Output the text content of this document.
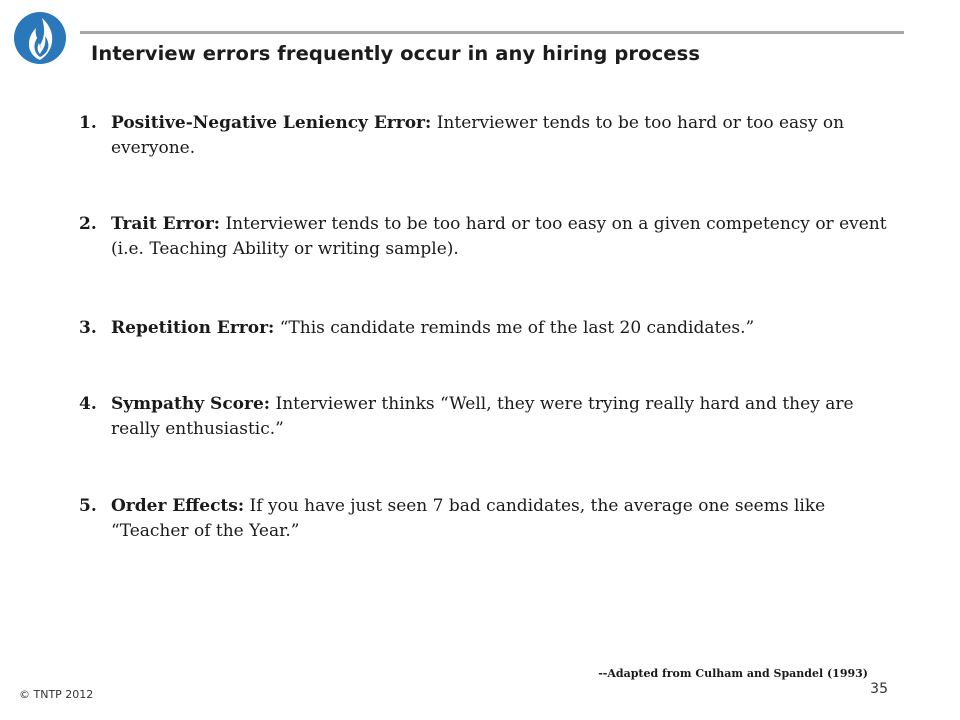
Interview errors frequently occur in any hiring process
1. Positive-Negative Leniency Error: Interviewer tends to be too hard or too easy on everyone.
2. Trait Error: Interviewer tends to be too hard or too easy on a given competency or event (i.e. Teaching Ability or writing sample).
3. Repetition Error: “This candidate reminds me of the last 20 candidates.”
4. Sympathy Score: Interviewer thinks “Well, they were trying really hard and they are really enthusiastic.”
5. Order Effects: If you have just seen 7 bad candidates, the average one seems like “Teacher of the Year.”

--Adapted from Culham and Spandel (1993)

© TNTP 2012	35
